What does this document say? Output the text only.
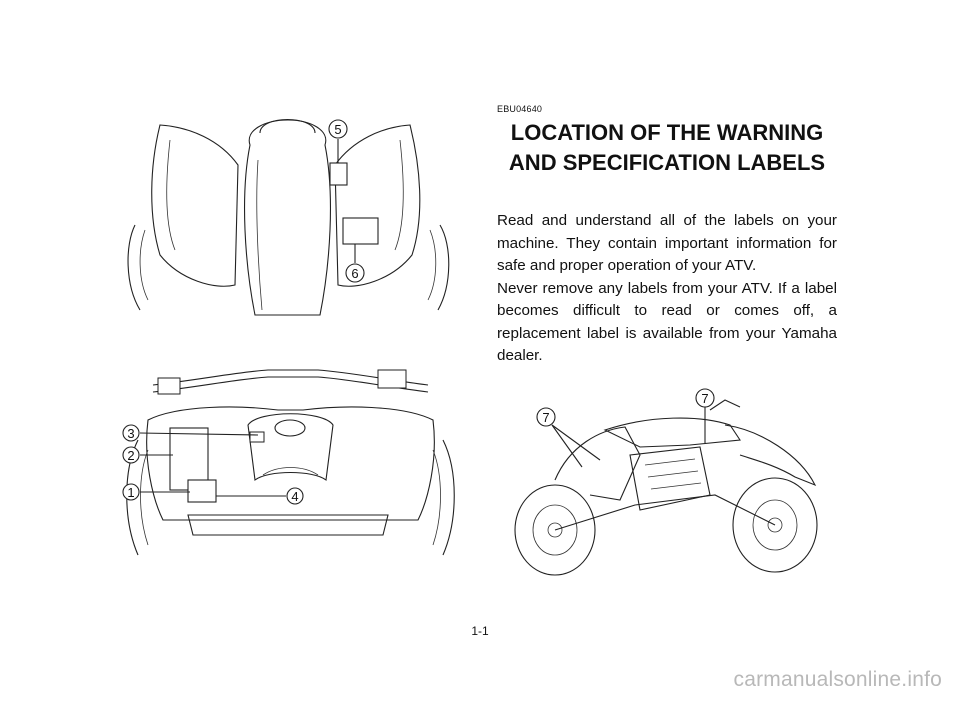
5
6
3
2
1	4
7
7
EBU04640
LOCATION OF THE WARNING
AND SPECIFICATION LABELS

Read and understand all of the labels on your machine. They contain important information for safe and proper operation of your ATV.

Never remove any labels from your ATV. If a label becomes difficult to read or comes off, a replacement label is available from your Yamaha dealer.

1-1
carmanualsonline.info
